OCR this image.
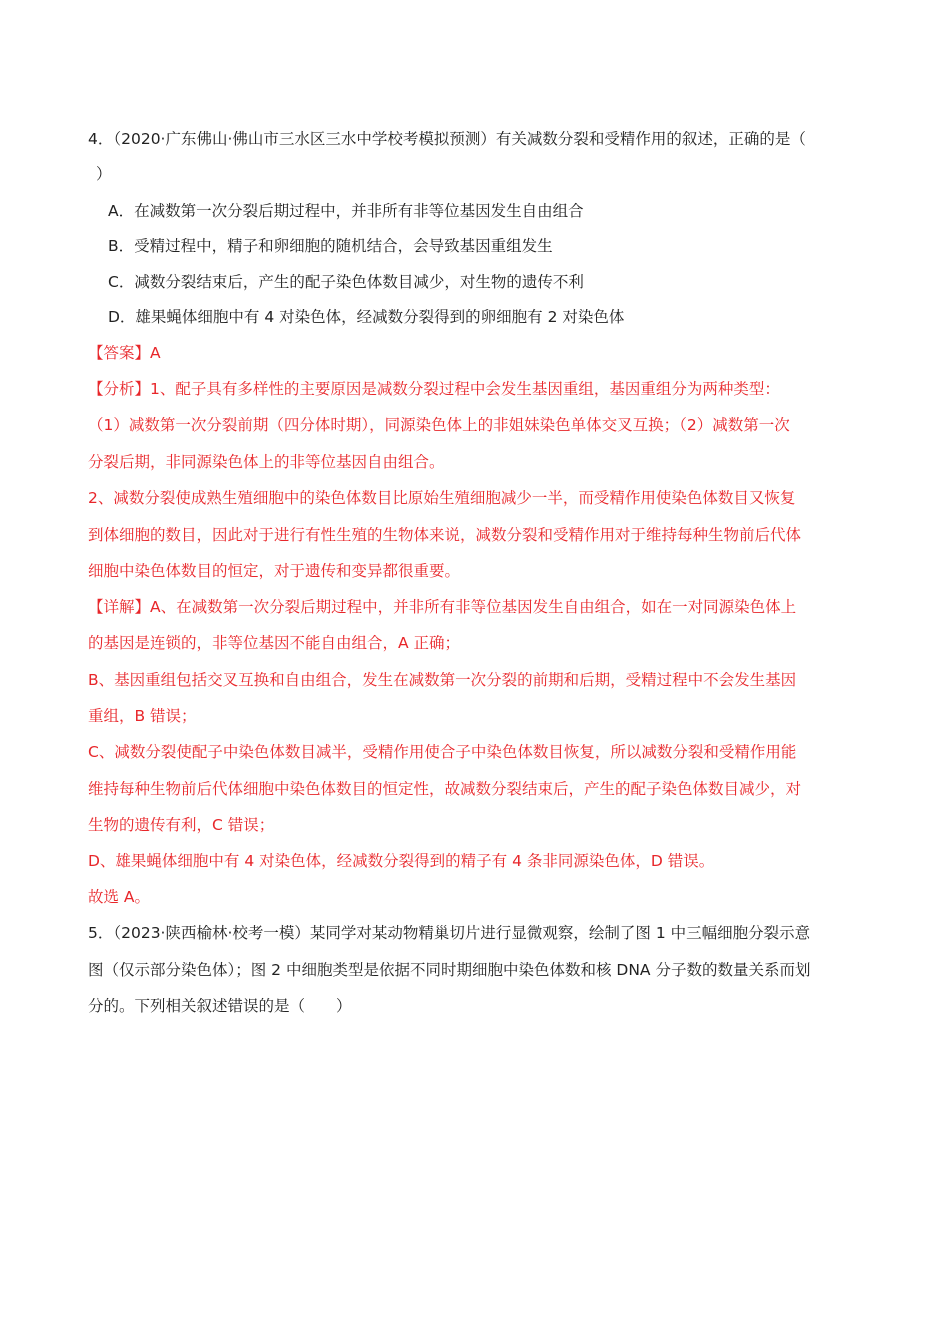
4．（2020·广东佛山·佛山市三水区三水中学校考模拟预测）有关减数分裂和受精作用的叙述，正确的是（
）
A．在减数第一次分裂后期过程中，并非所有非等位基因发生自由组合
B．受精过程中，精子和卵细胞的随机结合，会导致基因重组发生
C．减数分裂结束后，产生的配子染色体数目减少，对生物的遗传不利
D．雄果蝇体细胞中有 4 对染色体，经减数分裂得到的卵细胞有 2 对染色体
【答案】A
【分析】1、配子具有多样性的主要原因是减数分裂过程中会发生基因重组，基因重组分为两种类型：
（1）减数第一次分裂前期（四分体时期），同源染色体上的非姐妹染色单体交叉互换；（2）减数第一次
分裂后期，非同源染色体上的非等位基因自由组合。
2、减数分裂使成熟生殖细胞中的染色体数目比原始生殖细胞减少一半，而受精作用使染色体数目又恢复
到体细胞的数目，因此对于进行有性生殖的生物体来说，减数分裂和受精作用对于维持每种生物前后代体
细胞中染色体数目的恒定，对于遗传和变异都很重要。
【详解】A、在减数第一次分裂后期过程中，并非所有非等位基因发生自由组合，如在一对同源染色体上
的基因是连锁的，非等位基因不能自由组合，A 正确；
B、基因重组包括交叉互换和自由组合，发生在减数第一次分裂的前期和后期，受精过程中不会发生基因
重组，B 错误；
C、减数分裂使配子中染色体数目减半，受精作用使合子中染色体数目恢复，所以减数分裂和受精作用能
维持每种生物前后代体细胞中染色体数目的恒定性，故减数分裂结束后，产生的配子染色体数目减少，对
生物的遗传有利，C 错误；
D、雄果蝇体细胞中有 4 对染色体，经减数分裂得到的精子有 4 条非同源染色体，D 错误。
故选 A。
5．（2023·陕西榆林·校考一模）某同学对某动物精巢切片进行显微观察，绘制了图 1 中三幅细胞分裂示意
图（仅示部分染色体）；图 2 中细胞类型是依据不同时期细胞中染色体数和核 DNA 分子数的数量关系而划
分的。下列相关叙述错误的是（　　）
